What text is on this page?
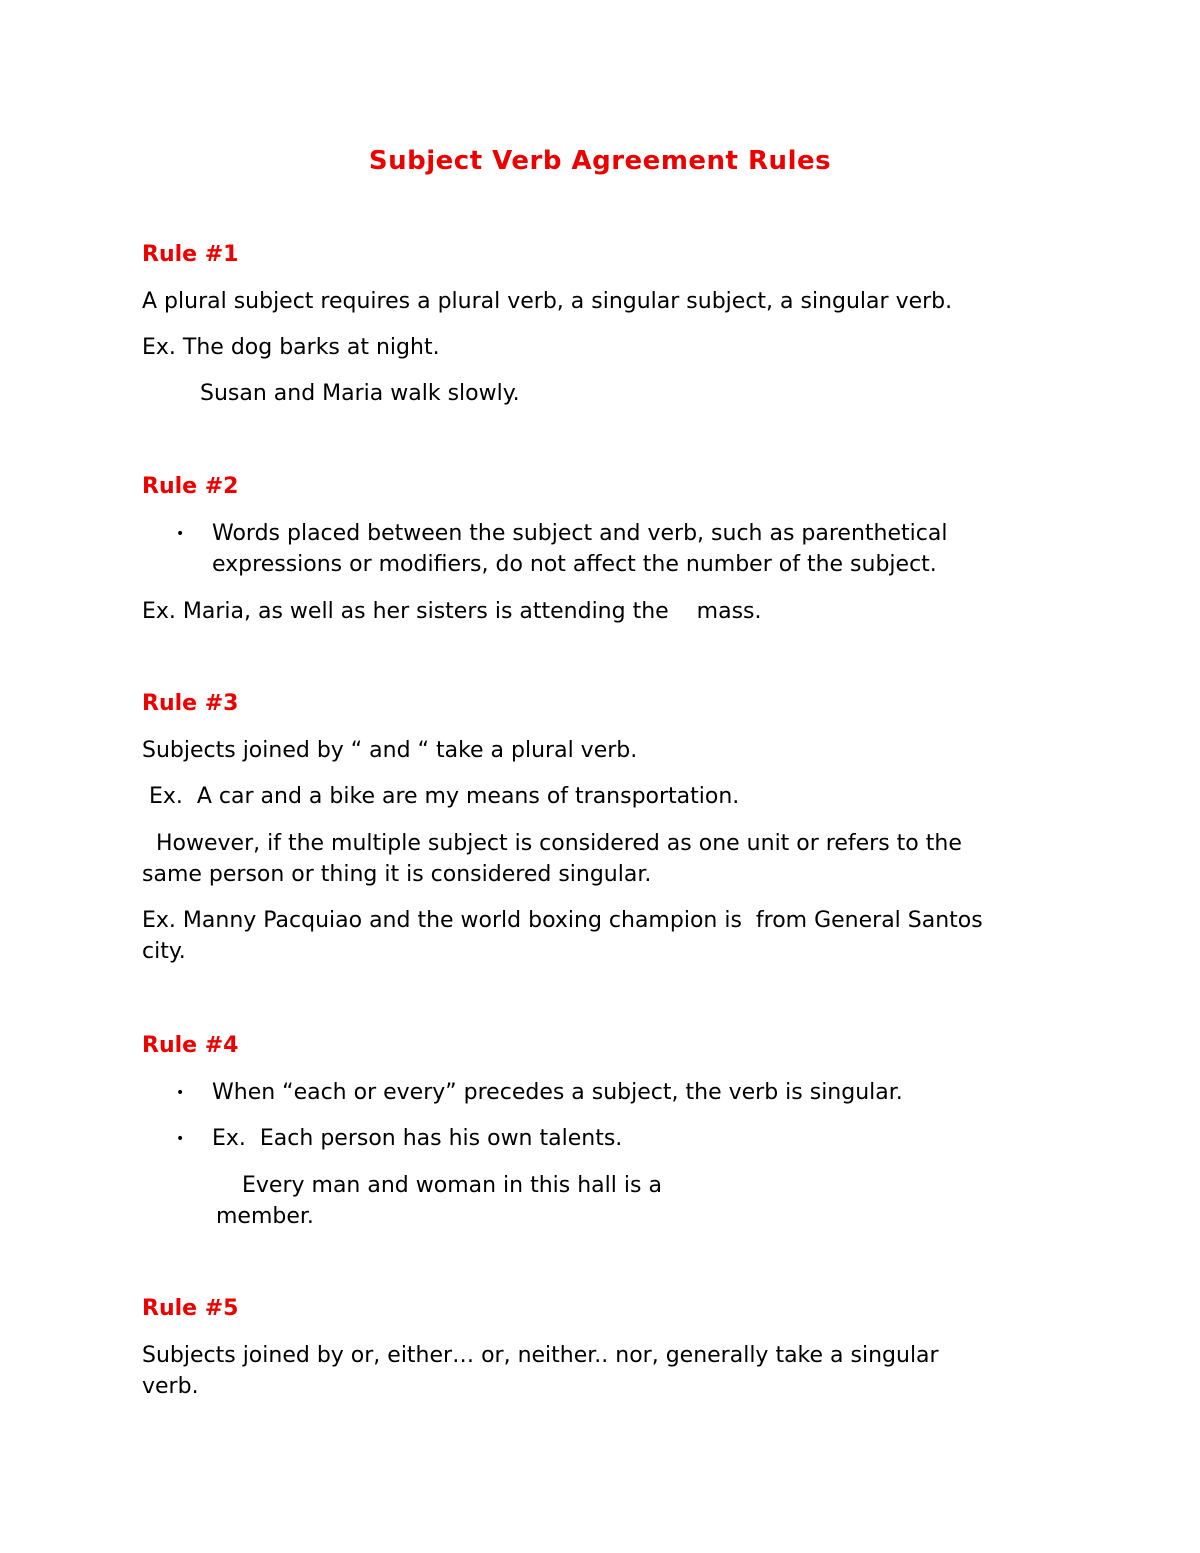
Subject Verb Agreement Rules
Rule #1
A plural subject requires a plural verb, a singular subject, a singular verb.
Ex. The dog barks at night.
Susan and Maria walk slowly.
Rule #2
• Words placed between the subject and verb, such as parenthetical
expressions or modifiers, do not affect the number of the subject.
Ex. Maria, as well as her sisters is attending the    mass.
Rule #3
Subjects joined by “ and “ take a plural verb.
Ex.  A car and a bike are my means of transportation.
However, if the multiple subject is considered as one unit or refers to the
same person or thing it is considered singular.
Ex. Manny Pacquiao and the world boxing champion is  from General Santos
city.
Rule #4
• When “each or every” precedes a subject, the verb is singular.
• Ex.  Each person has his own talents.
Every man and woman in this hall is a
member.
Rule #5
Subjects joined by or, either… or, neither.. nor, generally take a singular
verb.
